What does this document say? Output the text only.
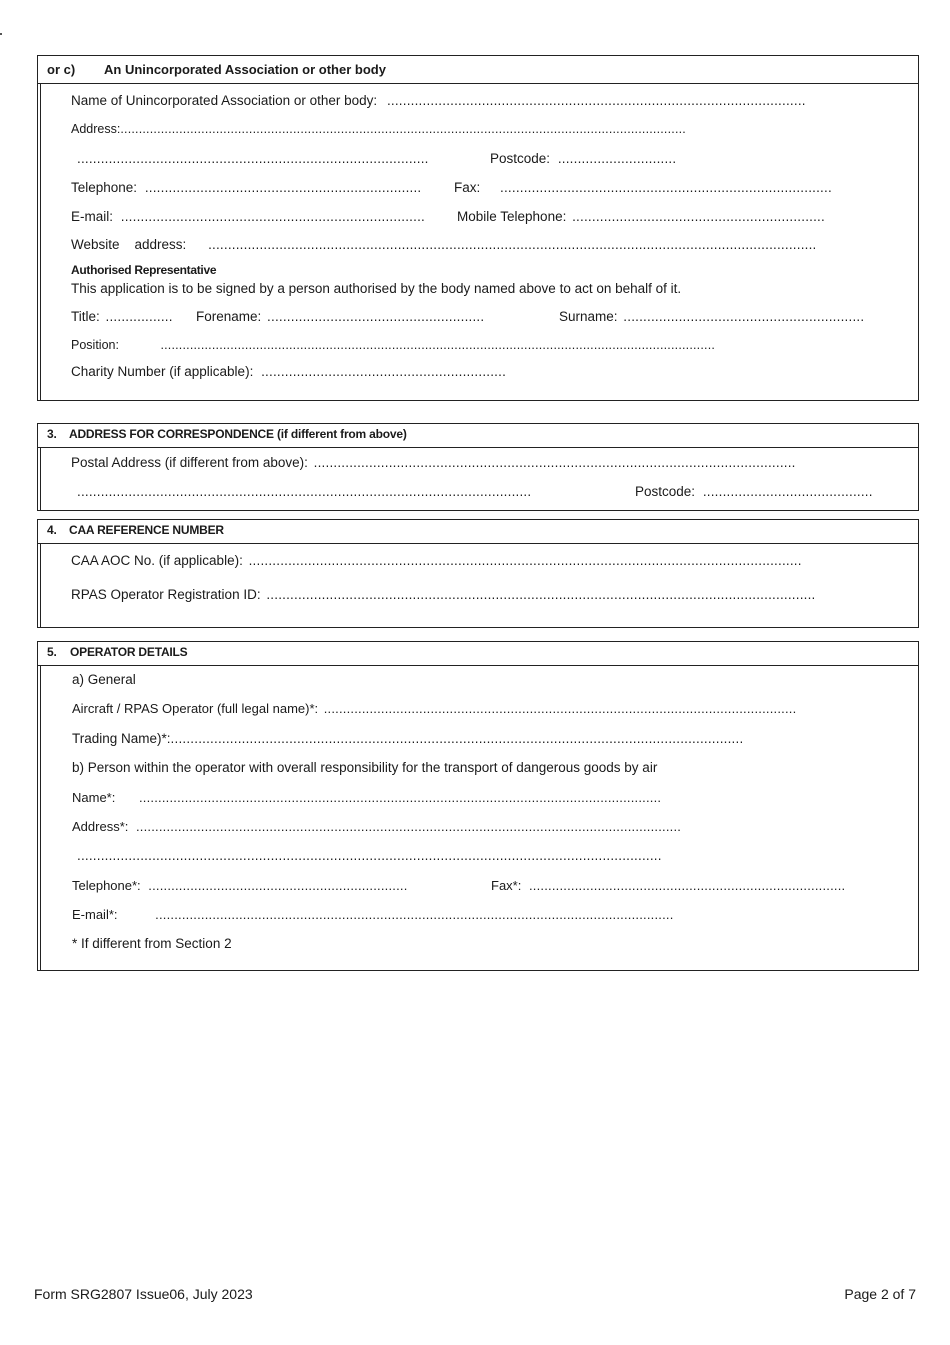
or c) An Unincorporated Association or other body
Name of Unincorporated Association or other body: ..........................................................................................................
Address:..........................................................................................................................................................
.........................................................................................	Postcode: ..............................
Telephone: ...................................................................... Fax: ....................................................................................
E-mail: ............................................................................. Mobile Telephone: ................................................................
Website    address: ..........................................................................................................................................................
Authorised Representative
This application is to be signed by a person authorised by the body named above to act on behalf of it.
Title: ................. Forename: .......................................................	Surname: .............................................................
Position:	.......................................................................................................................................................
Charity Number (if applicable): ..............................................................
3. ADDRESS FOR CORRESPONDENCE (if different from above)
Postal Address (if different from above): ..........................................................................................................................
...................................................................................................................	Postcode: ...........................................
4. CAA REFERENCE NUMBER
CAA AOC No. (if applicable): ............................................................................................................................................
RPAS Operator Registration ID: ...........................................................................................................................................
5. OPERATOR DETAILS
a) General
Aircraft / RPAS Operator (full legal name)*: ............................................................................................................................
Trading Name)*:.................................................................................................................................................
b) Person within the operator with overall responsibility for the transport of dangerous goods by air
Name*: .........................................................................................................................................
Address*: ...............................................................................................................................................
....................................................................................................................................................
Telephone*: ....................................................................	Fax*: ...................................................................................
E-mail*:	........................................................................................................................................
* If different from Section 2
Form SRG2807 Issue06, July 2023	Page 2 of 7
